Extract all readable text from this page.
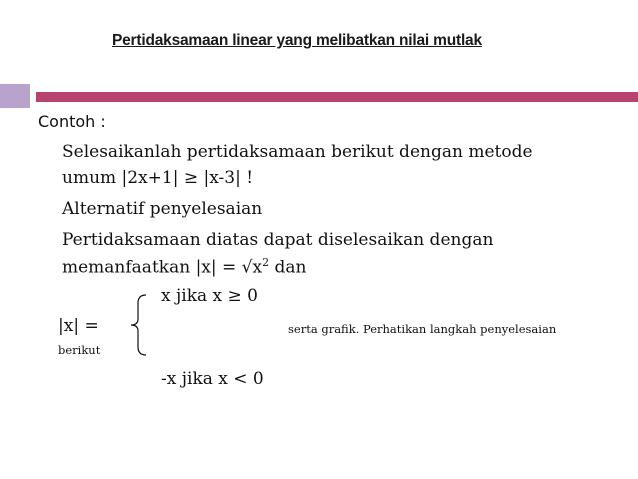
Pertidaksamaan linear yang melibatkan nilai mutlak
Contoh :
Selesaikanlah pertidaksamaan berikut dengan metode
umum |2x+1| ≥ |x-3| !
Alternatif penyelesaian
Pertidaksamaan diatas dapat diselesaikan dengan
memanfaatkan $|x| = √x^2$ dan
x jika x ≥ 0
|x| =	serta grafik. Perhatikan langkah penyelesaian
berikut
-x jika x < 0
